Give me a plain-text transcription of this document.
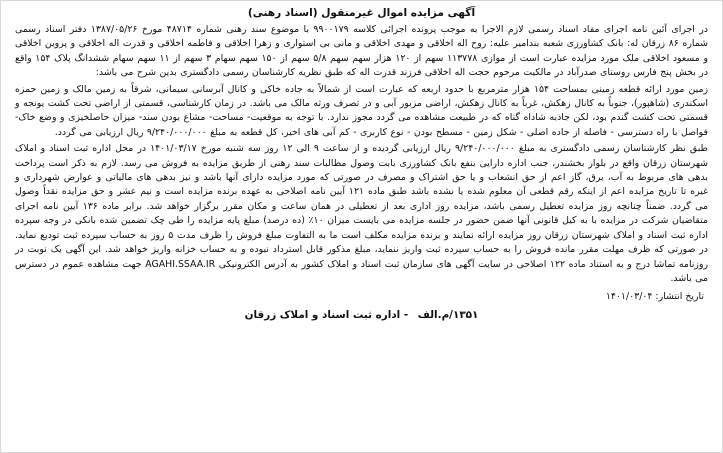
آگهی مزایده اموال غیرمنقول (اسناد رهنی)

در اجرای آئین نامه اجرای مفاد اسناد رسمی لازم الاجرا به موجب پرونده اجرائی کلاسه ۹۹۰۰۱۷۹ با موضوع سند رهنی شماره ۴۸۷۱۴ مورخ ۱۳۸۷/۰۵/۲۶ دفتر اسناد رسمی شماره ۸۶ زرقان له: بانک کشاورزی شعبه بندامیر علیه: روح اله اخلاقی و مهدی اخلاقی و مانی بی استواری و زهرا اخلاقی و فاطمه اخلاقی و قدرت اله اخلاقی و پروین اخلاقی و مسعود اخلاقی ملک مورد مزایده عبارت است از موازی ۱۱۳۷۷۸ سهم از ۱۲۰ هزار سهم سهم ۵/۸ سهم از ۱۵۰ سهم سهام ۳ سهم از ۱۱ سهم سهام ششدانگ پلاک ۱۵۴ واقع در بخش پنج فارس روستای صدرآباد در مالکیت مرحوم حجت اله اخلاقی فرزند قدرت اله که طبق نظریه کارشناسان رسمی دادگستری بدین شرح می باشد:

زمین مورد ارائه قطعه زمینی بمساحت ۱۵۴ هزار مترمربع با حدود اربعه که عبارت است از شمالاً به جاده خاکی و کانال آبرسانی سیمانی، شرقاً به زمین مالک و زمین حمزه اسکندری (شاهپور)، جنوباً به کانال زهکش، غرباً به کانال زهکش، اراضی مزبور آبی و در تصرف ورثه مالک می باشد. در زمان کارشناسی، قسمتی از اراضی تحت کشت یونجه و قسمتی تحت کشت گندم بود، لکن جاذبه شاداه گناه که در طبیعت مشاهده می گردد مجوز ندارد. با توجه به موقعیت- مساحت- مشاع بودن سند- میزان حاصلخیزی و وضع خاک- فواصل با راه دسترسی - فاصله از جاده اصلی - شکل زمین - مسطح بودن - نوع کاربری - کم آبی های اخیر، کل قطعه به مبلغ ۹/۲۴۰/۰۰۰/۰۰۰ ریال ارزیابی می گردد.

طبق نظر کارشناسان رسمی دادگستری به مبلغ ۹/۲۴۰/۰۰۰/۰۰۰ ریال ارزیابی گردیده و از ساعت ۹ الی ۱۲ روز سه شنبه مورخ ۱۴۰۱/۰۳/۱۷ در محل اداره ثبت اسناد و املاک شهرستان زرقان واقع در بلوار بخشندر، جنب اداره دارایی بنفع بانک کشاورزی بابت وصول مطالبات سند رهنی از طریق مزایده به فروش می رسد. لازم به ذکر است پرداخت بدهی های مربوط به آب، برق، گاز اعم از حق انشعاب و یا حق اشتراک و مصرف در صورتی که مورد مزایده دارای آنها باشد و نیز بدهی های مالیاتی و عوارض شهرداری و غیره تا تاریخ مزایده اعم از اینکه رقم قطعی آن معلوم شده یا نشده باشد طبق ماده ۱۲۱ آیین نامه اصلاحی به عهده برنده مزایده است و نیم عشر و حق مزایده نقداً وصول می گردد. ضمناً چنانچه روز مزایده تعطیل رسمی باشد، مزایده روز اداری بعد از تعطیلی در همان ساعت و مکان مقرر برگزار خواهد شد. برابر ماده ۱۳۶ آیین نامه اجرای متقاضیان شرکت در مزایده با به کیل قانونی آنها ضمن حضور در جلسه مزایده می بایست میزان ۱۰٪ (ده درصد) مبلغ پایه مزایده را طی چک تضمین شده بانکی در وجه سپرده اداره ثبت اسناد و املاک شهرستان زرقان روز مزایده ارائه نمایند و برنده مزایده مکلف است ما به التفاوت مبلغ فروش را ظرف مدت ۵ روز به حساب سپرده ثبت تودیع نماید. در صورتی که ظرف مهلت مقرر مانده فروش را به حساب سپرده ثبت واریز ننماید، مبلغ مذکور قابل استرداد نبوده و به حساب خزانه واریز خواهد شد. این آگهی یک نوبت در روزنامه تماشا درج و به استناد ماده ۱۲۲ اصلاحی در سایت آگهی های سازمان ثبت اسناد و املاک کشور به آدرس الکترونیکی AGAHI.SSAA.IR جهت مشاهده عموم در دسترس می باشد.

تاریخ انتشار: ۱۴۰۱/۰۳/۰۴
۱۳۵۱/م.الف - اداره ثبت اسناد و املاک زرقان
